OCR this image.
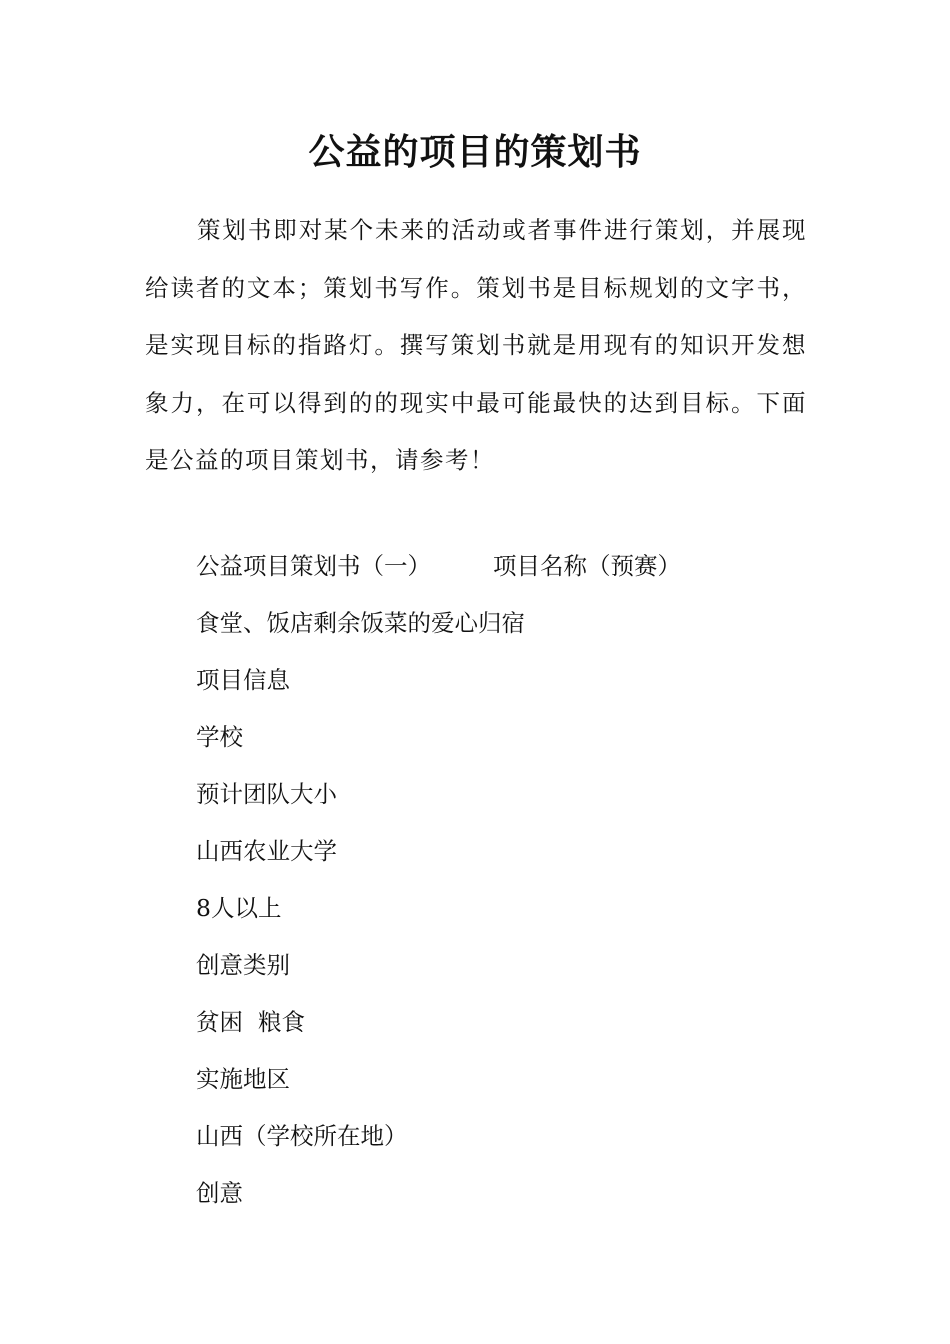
公益的项目的策划书

策划书即对某个未来的活动或者事件进行策划，并展现给读者的文本；策划书写作。策划书是目标规划的文字书，是实现目标的指路灯。撰写策划书就是用现有的知识开发想象力，在可以得到的的现实中最可能最快的达到目标。下面是公益的项目策划书，请参考！

公益项目策划书（一）	项目名称（预赛）

食堂、饭店剩余饭菜的爱心归宿

项目信息

学校

预计团队大小

山西农业大学

8人以上

创意类别

贫困  粮食

实施地区

山西（学校所在地）

创意
